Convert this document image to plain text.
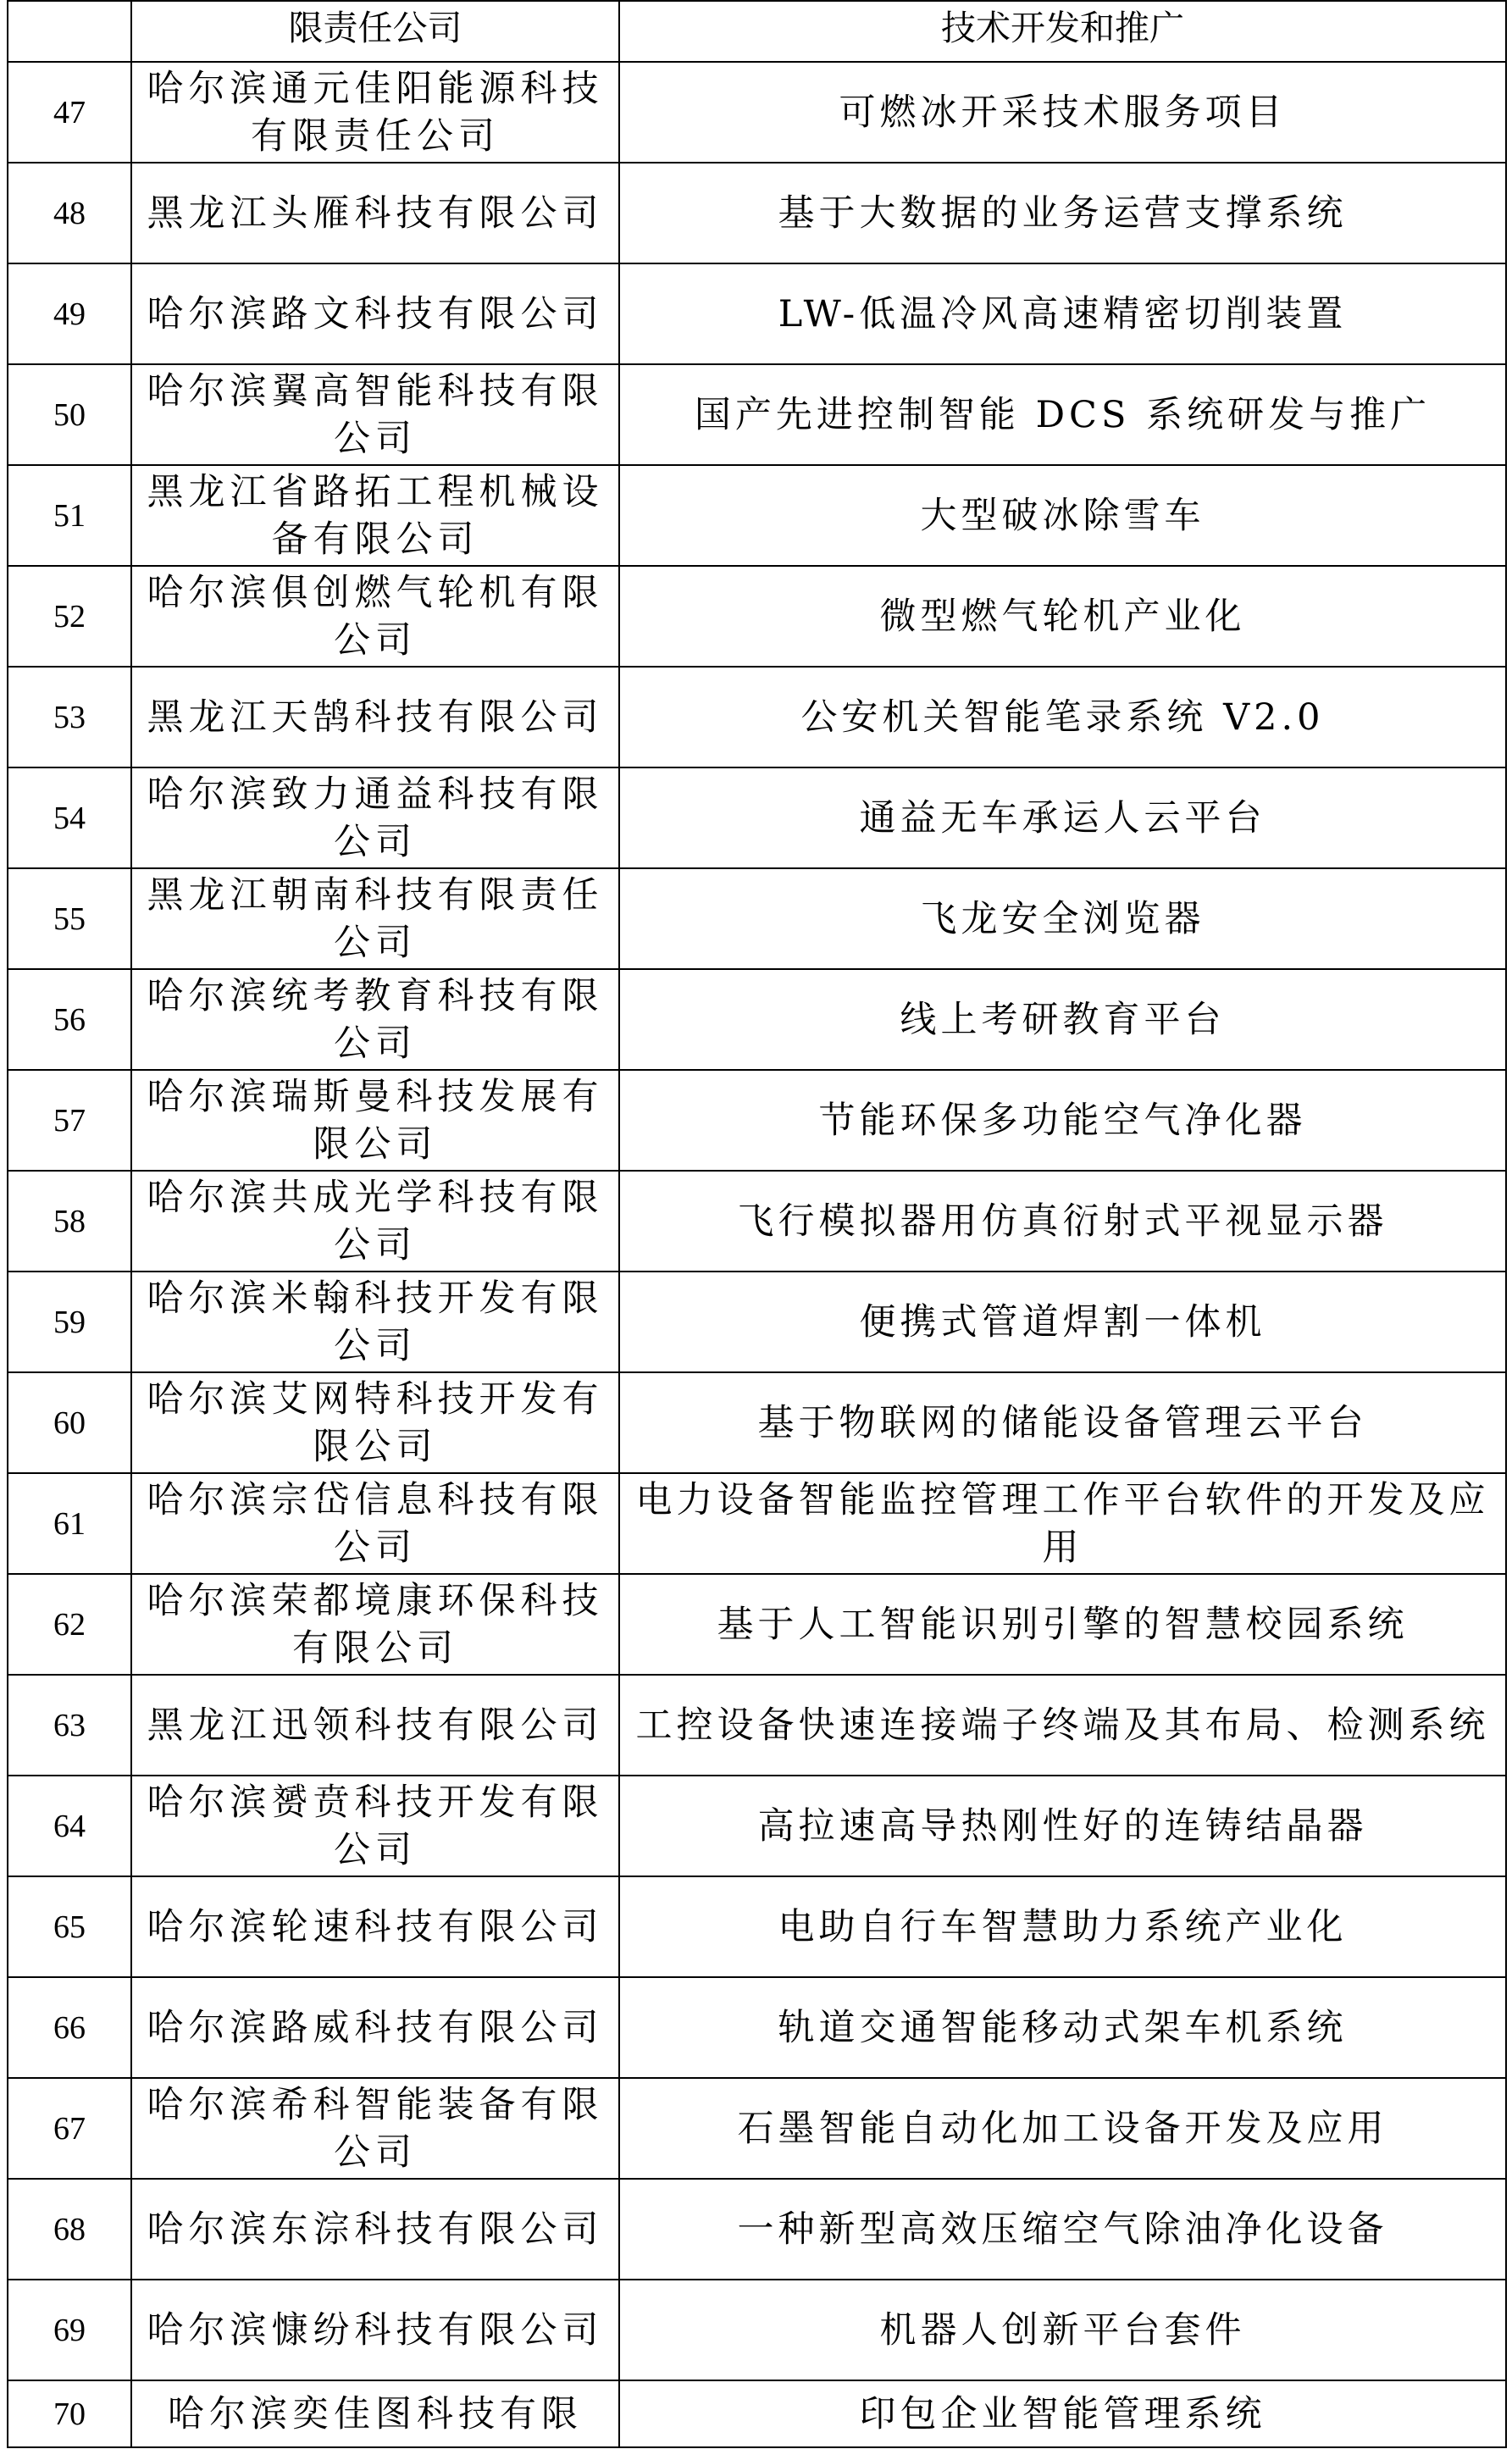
	限责任公司	技术开发和推广
47	哈尔滨通元佳阳能源科技有限责任公司	可燃冰开采技术服务项目
48	黑龙江头雁科技有限公司	基于大数据的业务运营支撑系统
49	哈尔滨路文科技有限公司	LW-低温冷风高速精密切削装置
50	哈尔滨翼高智能科技有限公司	国产先进控制智能 DCS 系统研发与推广
51	黑龙江省路拓工程机械设备有限公司	大型破冰除雪车
52	哈尔滨俱创燃气轮机有限公司	微型燃气轮机产业化
53	黑龙江天鹄科技有限公司	公安机关智能笔录系统 V2.0
54	哈尔滨致力通益科技有限公司	通益无车承运人云平台
55	黑龙江朝南科技有限责任公司	飞龙安全浏览器
56	哈尔滨统考教育科技有限公司	线上考研教育平台
57	哈尔滨瑞斯曼科技发展有限公司	节能环保多功能空气净化器
58	哈尔滨共成光学科技有限公司	飞行模拟器用仿真衍射式平视显示器
59	哈尔滨米翰科技开发有限公司	便携式管道焊割一体机
60	哈尔滨艾网特科技开发有限公司	基于物联网的储能设备管理云平台
61	哈尔滨宗岱信息科技有限公司	电力设备智能监控管理工作平台软件的开发及应用
62	哈尔滨荣都境康环保科技有限公司	基于人工智能识别引擎的智慧校园系统
63	黑龙江迅领科技有限公司	工控设备快速连接端子终端及其布局、检测系统
64	哈尔滨赟贲科技开发有限公司	高拉速高导热刚性好的连铸结晶器
65	哈尔滨轮速科技有限公司	电助自行车智慧助力系统产业化
66	哈尔滨路威科技有限公司	轨道交通智能移动式架车机系统
67	哈尔滨希科智能装备有限公司	石墨智能自动化加工设备开发及应用
68	哈尔滨东淙科技有限公司	一种新型高效压缩空气除油净化设备
69	哈尔滨慷纷科技有限公司	机器人创新平台套件
70	哈尔滨奕佳图科技有限	印包企业智能管理系统
